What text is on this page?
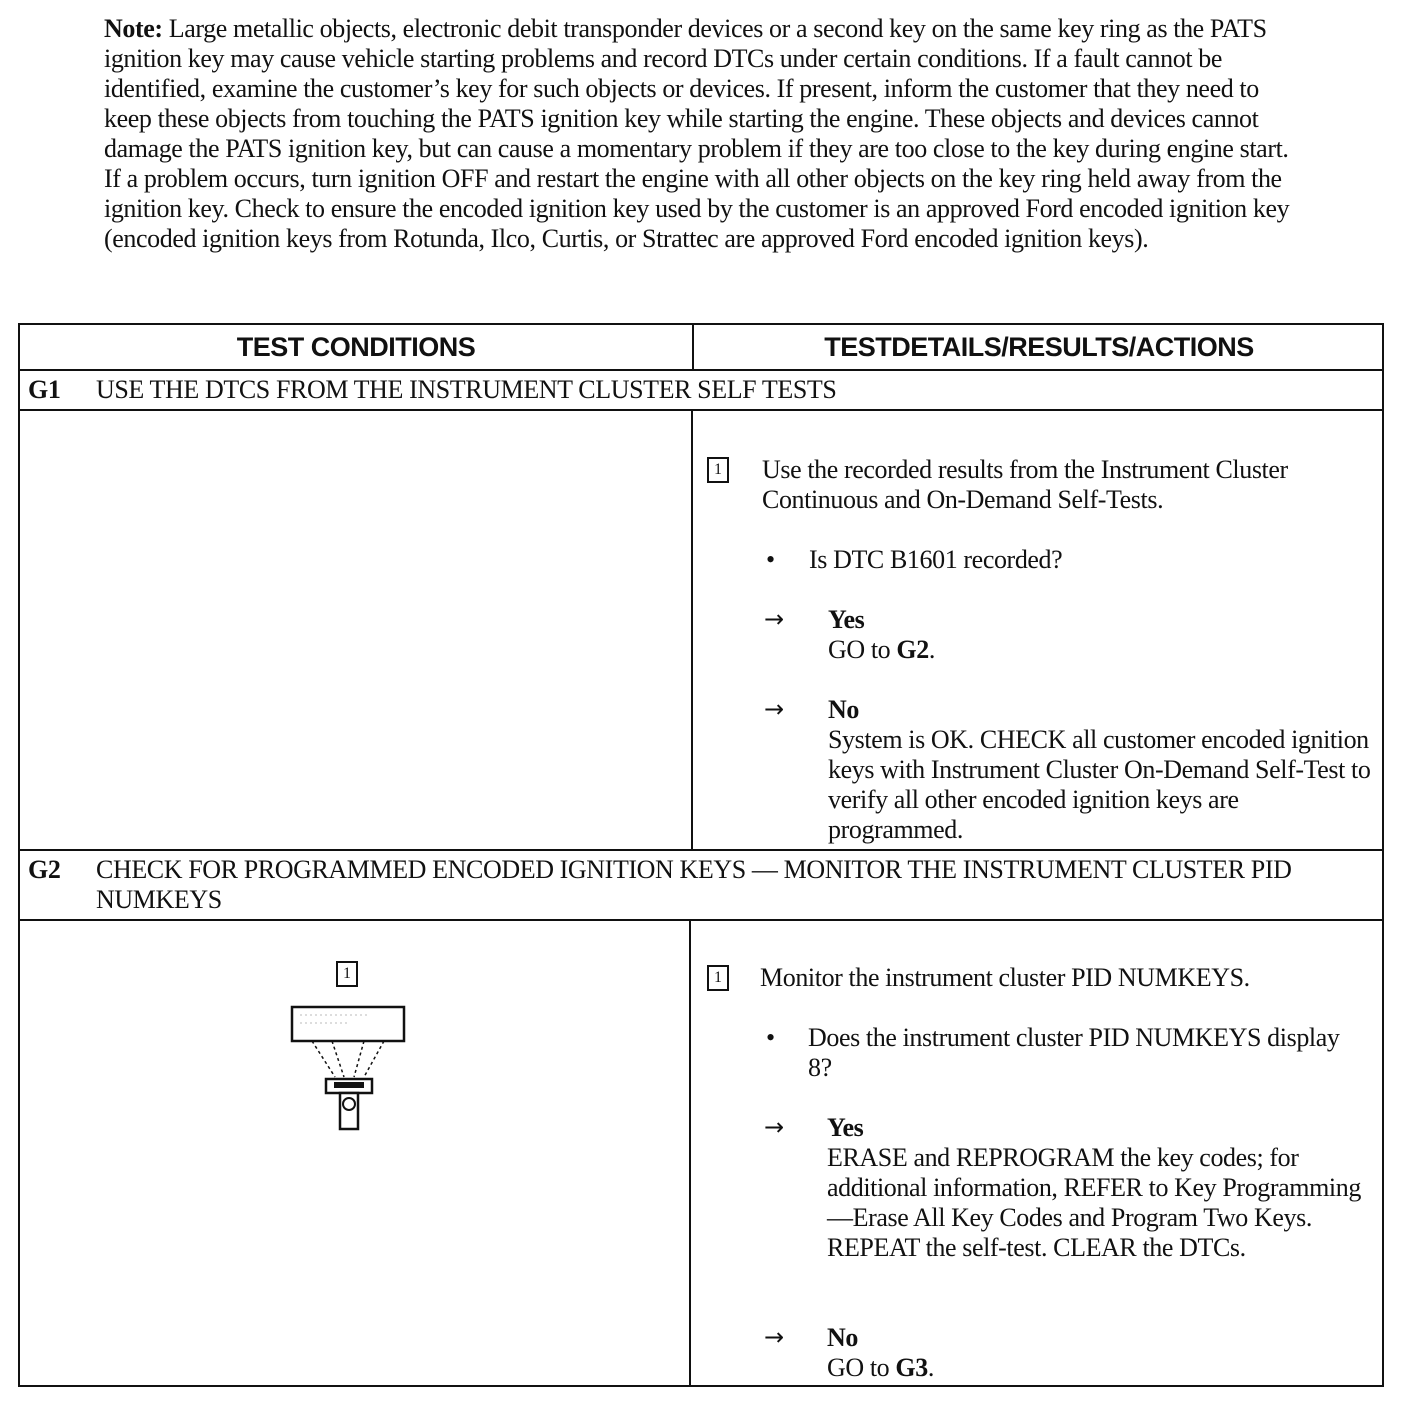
Note: Large metallic objects, electronic debit transponder devices or a second key on the same key ring as the PATS ignition key may cause vehicle starting problems and record DTCs under certain conditions. If a fault cannot be identified, examine the customer’s key for such objects or devices. If present, inform the customer that they need to keep these objects from touching the PATS ignition key while starting the engine. These objects and devices cannot damage the PATS ignition key, but can cause a momentary problem if they are too close to the key during engine start. If a problem occurs, turn ignition OFF and restart the engine with all other objects on the key ring held away from the ignition key. Check to ensure the encoded ignition key used by the customer is an approved Ford encoded ignition key (encoded ignition keys from Rotunda, Ilco, Curtis, or Strattec are approved Ford encoded ignition keys).
TEST CONDITIONS	TESTDETAILS/RESULTS/ACTIONS
G1 USE THE DTCS FROM THE INSTRUMENT CLUSTER SELF TESTS
1 Use the recorded results from the Instrument Cluster Continuous and On-Demand Self-Tests.
• Is DTC B1601 recorded?
→ Yes
GO to G2.
→ No
System is OK. CHECK all customer encoded ignition keys with Instrument Cluster On-Demand Self-Test to verify all other encoded ignition keys are programmed.
G2 CHECK FOR PROGRAMMED ENCODED IGNITION KEYS — MONITOR THE INSTRUMENT CLUSTER PID NUMKEYS
1	1 Monitor the instrument cluster PID NUMKEYS.
• Does the instrument cluster PID NUMKEYS display 8?
→ Yes
ERASE and REPROGRAM the key codes; for additional information, REFER to Key Programming—Erase All Key Codes and Program Two Keys. REPEAT the self-test. CLEAR the DTCs.
→ No
GO to G3.
